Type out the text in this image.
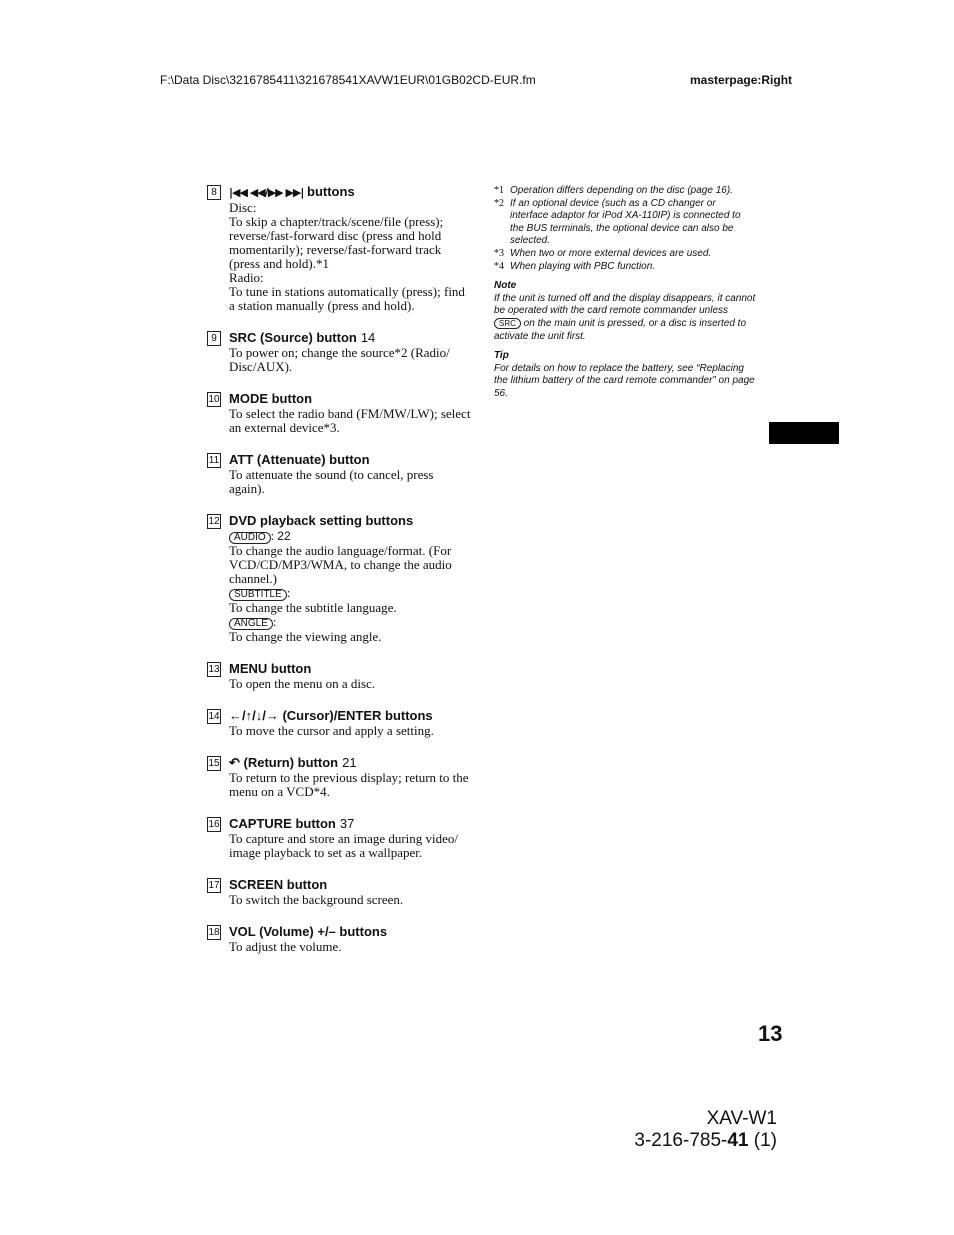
F:\Data Disc\3216785411\321678541XAVW1EUR\01GB02CD-EUR.fm	masterpage:Right
8	|◀◀ ◀◀/▶▶ ▶▶| buttons

Disc:

To skip a chapter/track/scene/file (press); reverse/fast-forward disc (press and hold momentarily); reverse/fast-forward track (press and hold).*1

Radio:

To tune in stations automatically (press); find a station manually (press and hold).

9 SRC (Source) button 14

To power on; change the source*2 (Radio/ Disc/AUX).

10 MODE button

To select the radio band (FM/MW/LW); select an external device*3.

11 ATT (Attenuate) button

To attenuate the sound (to cancel, press again).

12 DVD playback setting buttons

AUDIO : 22

To change the audio language/format. (For VCD/CD/MP3/WMA, to change the audio channel.)

SUBTITLE :

To change the subtitle language.

ANGLE :

To change the viewing angle.

13 MENU button

To open the menu on a disc.

14 ←/↑/↓/→ (Cursor)/ENTER buttons

To move the cursor and apply a setting.

15 ↶ (Return) button 21

To return to the previous display; return to the menu on a VCD*4.

16 CAPTURE button 37

To capture and store an image during video/ image playback to set as a wallpaper.

17 SCREEN button

To switch the background screen.

18 VOL (Volume) +/– buttons

To adjust the volume.

*1 Operation differs depending on the disc (page 16).
*2 If an optional device (such as a CD changer or interface adaptor for iPod XA-110IP) is connected to the BUS terminals, the optional device can also be selected.
*3 When two or more external devices are used.
*4 When playing with PBC function.
Note

If the unit is turned off and the display disappears, it cannot be operated with the card remote commander unless SRC on the main unit is pressed, or a disc is inserted to activate the unit first.

Tip

For details on how to replace the battery, see “Replacing the lithium battery of the card remote commander” on page 56.

13
XAV-W1
3-216-785-41 (1)
